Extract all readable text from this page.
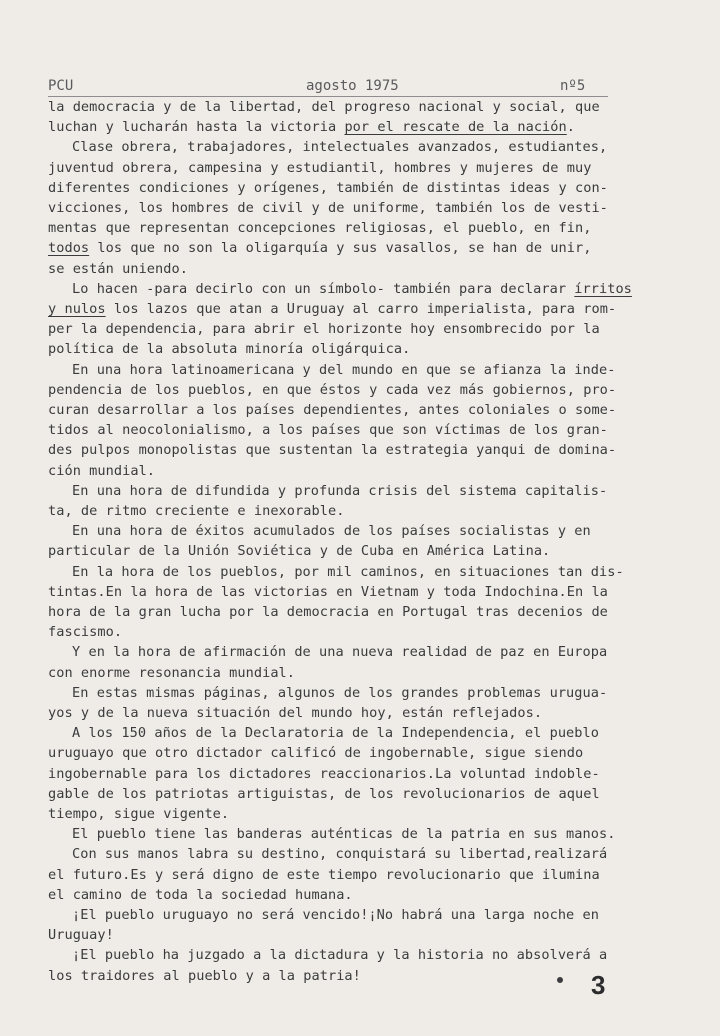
PCU	agosto 1975	nº5
la democracia y de la libertad, del progreso nacional y social, que
luchan y lucharán hasta la victoria por el rescate de la nación.
Clase obrera, trabajadores, intelectuales avanzados, estudiantes,
juventud obrera, campesina y estudiantil, hombres y mujeres de muy
diferentes condiciones y orígenes, también de distintas ideas y con-
vicciones, los hombres de civil y de uniforme, también los de vesti-
mentas que representan concepciones religiosas, el pueblo, en fin,
todos los que no son la oligarquía y sus vasallos, se han de unir,
se están uniendo.
Lo hacen -para decirlo con un símbolo- también para declarar írritos
y nulos los lazos que atan a Uruguay al carro imperialista, para rom-
per la dependencia, para abrir el horizonte hoy ensombrecido por la
política de la absoluta minoría oligárquica.
En una hora latinoamericana y del mundo en que se afianza la inde-
pendencia de los pueblos, en que éstos y cada vez más gobiernos, pro-
curan desarrollar a los países dependientes, antes coloniales o some-
tidos al neocolonialismo, a los países que son víctimas de los gran-
des pulpos monopolistas que sustentan la estrategia yanqui de domina-
ción mundial.
En una hora de difundida y profunda crisis del sistema capitalis-
ta, de ritmo creciente e inexorable.
En una hora de éxitos acumulados de los países socialistas y en
particular de la Unión Soviética y de Cuba en América Latina.
En la hora de los pueblos, por mil caminos, en situaciones tan dis-
tintas.En la hora de las victorias en Vietnam y toda Indochina.En la
hora de la gran lucha por la democracia en Portugal tras decenios de
fascismo.
Y en la hora de afirmación de una nueva realidad de paz en Europa
con enorme resonancia mundial.
En estas mismas páginas, algunos de los grandes problemas urugua-
yos y de la nueva situación del mundo hoy, están reflejados.
A los 150 años de la Declaratoria de la Independencia, el pueblo
uruguayo que otro dictador calificó de ingobernable, sigue siendo
ingobernable para los dictadores reaccionarios.La voluntad indoble-
gable de los patriotas artiguistas, de los revolucionarios de aquel
tiempo, sigue vigente.
El pueblo tiene las banderas auténticas de la patria en sus manos.
Con sus manos labra su destino, conquistará su libertad,realizará
el futuro.Es y será digno de este tiempo revolucionario que ilumina
el camino de toda la sociedad humana.
¡El pueblo uruguayo no será vencido!¡No habrá una larga noche en
Uruguay!
¡El pueblo ha juzgado a la dictadura y la historia no absolverá a
los traidores al pueblo y a la patria!	3
